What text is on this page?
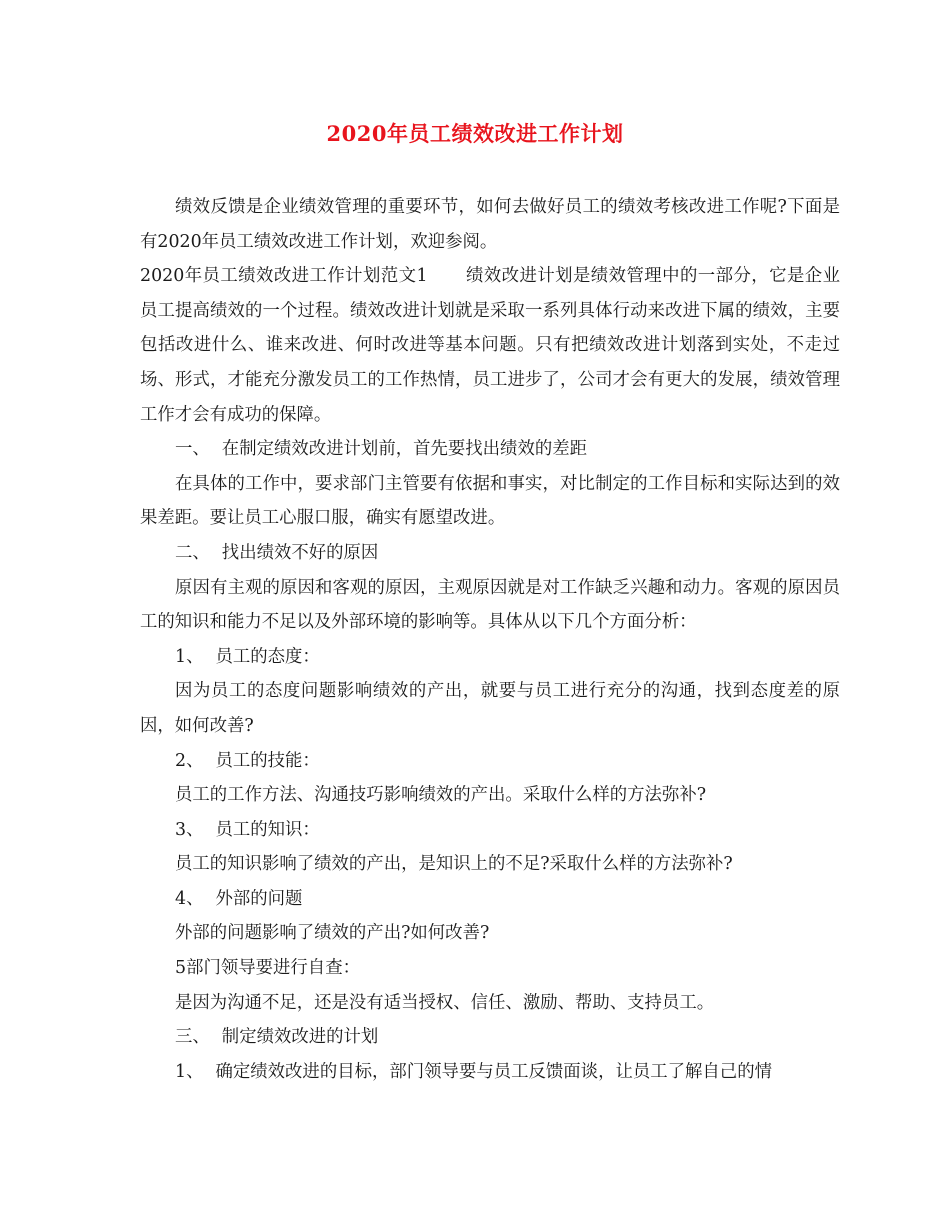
2020年员工绩效改进工作计划

绩效反馈是企业绩效管理的重要环节，如何去做好员工的绩效考核改进工作呢?下面是有2020年员工绩效改进工作计划，欢迎参阅。

2020年员工绩效改进工作计划范文1 绩效改进计划是绩效管理中的一部分，它是企业员工提高绩效的一个过程。绩效改进计划就是采取一系列具体行动来改进下属的绩效，主要包括改进什么、谁来改进、何时改进等基本问题。只有把绩效改进计划落到实处，不走过场、形式，才能充分激发员工的工作热情，员工进步了，公司才会有更大的发展，绩效管理工作才会有成功的保障。

一、 在制定绩效改进计划前，首先要找出绩效的差距

在具体的工作中，要求部门主管要有依据和事实，对比制定的工作目标和实际达到的效果差距。要让员工心服口服，确实有愿望改进。

二、 找出绩效不好的原因

原因有主观的原因和客观的原因，主观原因就是对工作缺乏兴趣和动力。客观的原因员工的知识和能力不足以及外部环境的影响等。具体从以下几个方面分析：

1、 员工的态度：

因为员工的态度问题影响绩效的产出，就要与员工进行充分的沟通，找到态度差的原因，如何改善?

2、 员工的技能：

员工的工作方法、沟通技巧影响绩效的产出。采取什么样的方法弥补?

3、 员工的知识：

员工的知识影响了绩效的产出，是知识上的不足?采取什么样的方法弥补?

4、 外部的问题

外部的问题影响了绩效的产出?如何改善?

5部门领导要进行自查：

是因为沟通不足，还是没有适当授权、信任、激励、帮助、支持员工。

三、 制定绩效改进的计划

1、 确定绩效改进的目标，部门领导要与员工反馈面谈，让员工了解自己的情
